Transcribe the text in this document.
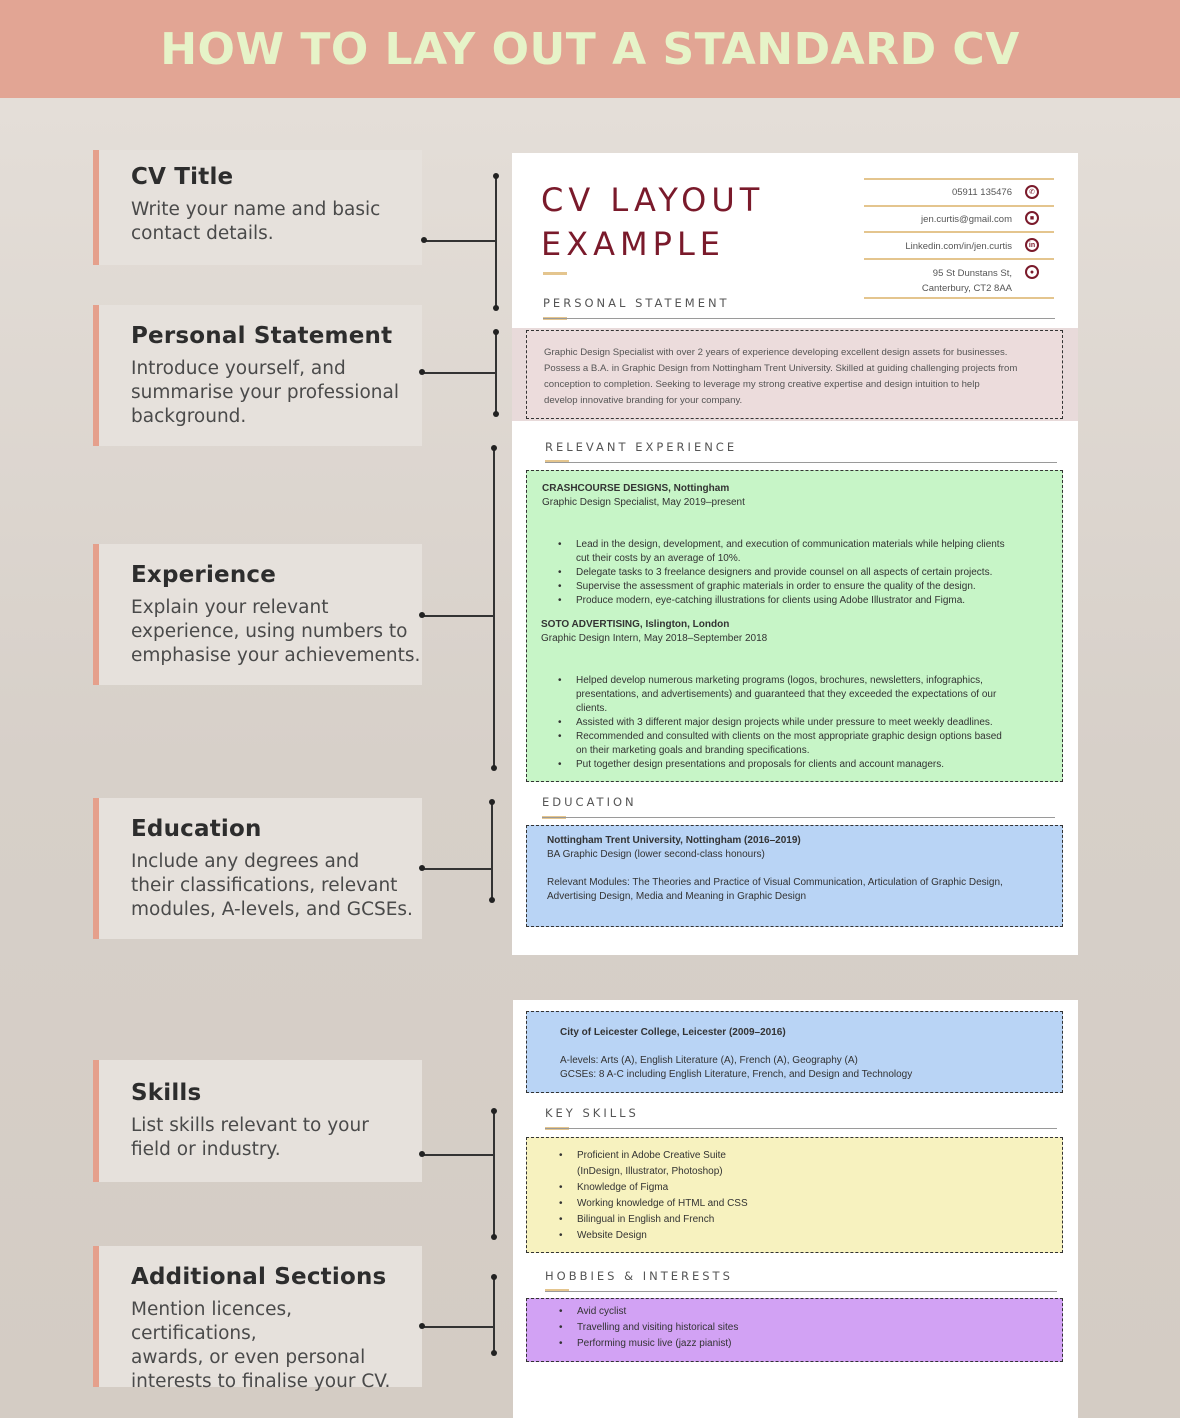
HOW TO LAY OUT A STANDARD CV
CV Title

Write your name and basic
contact details.

Personal Statement

Introduce yourself, and
summarise your professional
background.

Experience

Explain your relevant
experience, using numbers to
emphasise your achievements.

Education

Include any degrees and
their classifications, relevant
modules, A-levels, and GCSEs.

Skills

List skills relevant to your
field or industry.

Additional Sections

Mention licences, certifications,
awards, or even personal
interests to finalise your CV.

CV LAYOUT
EXAMPLE
05911 135476	✆
jen.curtis@gmail.com	■
Linkedin.com/in/jen.curtis	in
95 St Dunstans St,
Canterbury, CT2 8AA
●
PERSONAL STATEMENT
Graphic Design Specialist with over 2 years of experience developing excellent design assets for businesses.
Possess a B.A. in Graphic Design from Nottingham Trent University. Skilled at guiding challenging projects from
conception to completion. Seeking to leverage my strong creative expertise and design intuition to help
develop innovative branding for your company.
RELEVANT EXPERIENCE
CRASHCOURSE DESIGNS, Nottingham
Graphic Design Specialist, May 2019–present
• Lead in the design, development, and execution of communication materials while helping clients
cut their costs by an average of 10%.
• Delegate tasks to 3 freelance designers and provide counsel on all aspects of certain projects.
• Supervise the assessment of graphic materials in order to ensure the quality of the design.
• Produce modern, eye-catching illustrations for clients using Adobe Illustrator and Figma.
SOTO ADVERTISING, Islington, London
Graphic Design Intern, May 2018–September 2018
• Helped develop numerous marketing programs (logos, brochures, newsletters, infographics,
presentations, and advertisements) and guaranteed that they exceeded the expectations of our
clients.
• Assisted with 3 different major design projects while under pressure to meet weekly deadlines.
• Recommended and consulted with clients on the most appropriate graphic design options based
on their marketing goals and branding specifications.
• Put together design presentations and proposals for clients and account managers.
EDUCATION
Nottingham Trent University, Nottingham (2016–2019)
BA Graphic Design (lower second-class honours)
Relevant Modules: The Theories and Practice of Visual Communication, Articulation of Graphic Design,
Advertising Design, Media and Meaning in Graphic Design
City of Leicester College, Leicester (2009–2016)
A-levels: Arts (A), English Literature (A), French (A), Geography (A)
GCSEs: 8 A-C including English Literature, French, and Design and Technology
KEY SKILLS
• Proficient in Adobe Creative Suite
(InDesign, Illustrator, Photoshop)
• Knowledge of Figma
• Working knowledge of HTML and CSS
• Bilingual in English and French
• Website Design
HOBBIES & INTERESTS
• Avid cyclist
• Travelling and visiting historical sites
• Performing music live (jazz pianist)
